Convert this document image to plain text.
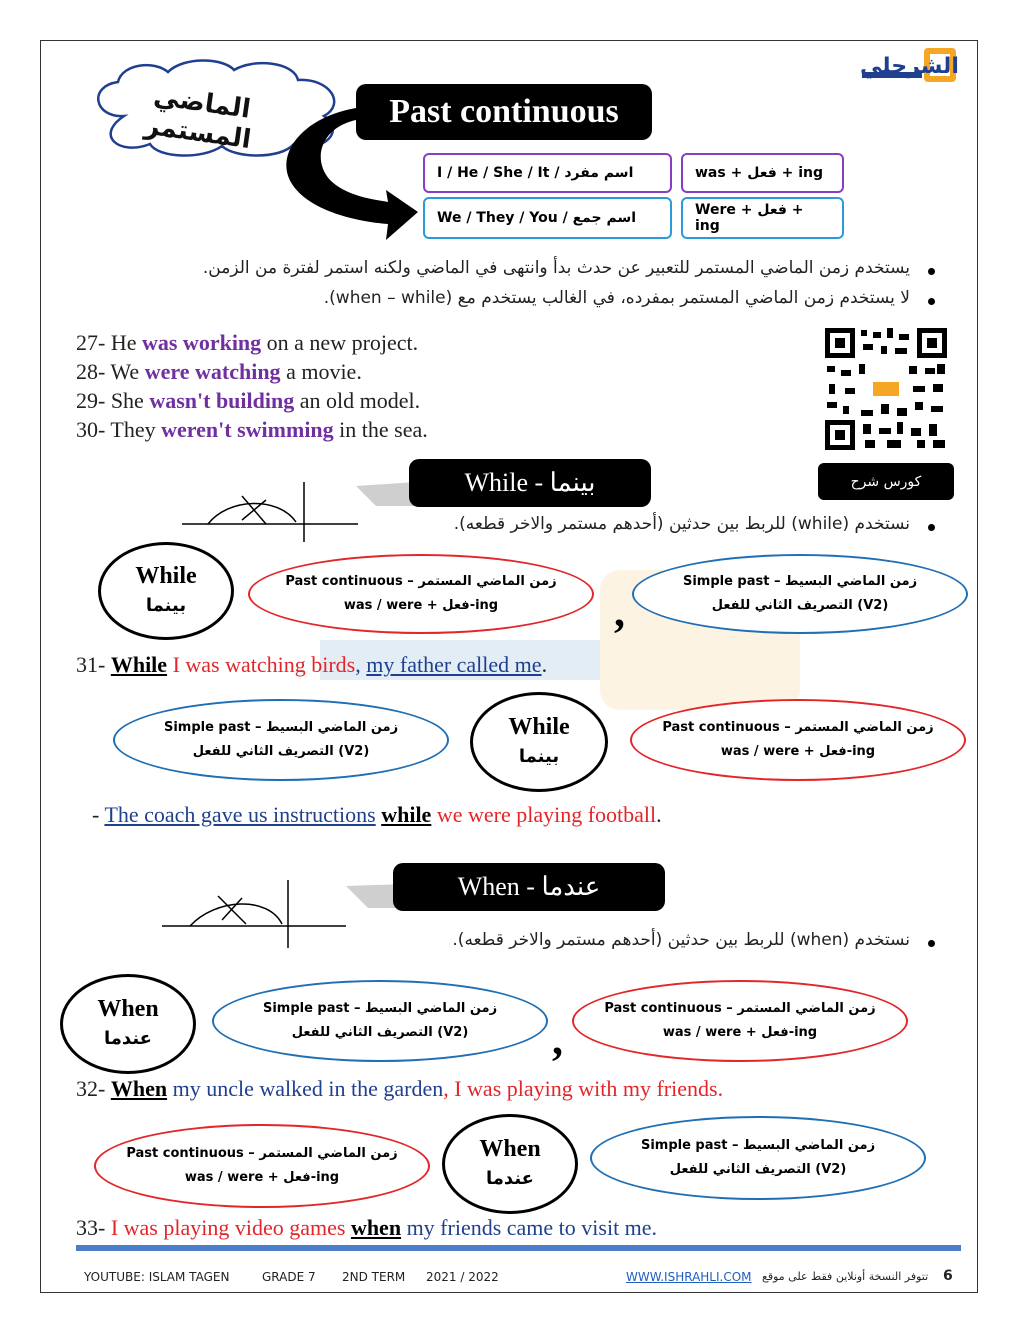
الشرحلي
الماضي المستمر	Past continuous
I / He / She / It / اسم مفرد	was + فعل + ing
We / They / You / اسم جمع	Were + فعل + ing
يستخدم زمن الماضي المستمر للتعبير عن حدث بدأ وانتهى في الماضي ولكنه استمر لفترة من الزمن.
لا يستخدم زمن الماضي المستمر بمفرده، في الغالب يستخدم مع (when – while).
27- He was working on a new project.
28- We were watching a movie.
29- She wasn't building an old model.
30- They weren't swimming in the sea.
كورس شرح
While - بينما
نستخدم (while) للربط بين حدثين (أحدهم مستمر والاخر قطعه).
While
بينما
Past continuous – زمن الماضي المستمر
was / were + فعل-ing	,
Simple past – زمن الماضي البسيط
التصريف الثاني للفعل (V2)
31- While I was watching birds, my father called me.
Simple past – زمن الماضي البسيط
التصريف الثاني للفعل (V2)
While
بينما
Past continuous – زمن الماضي المستمر
was / were + فعل-ing
- The coach gave us instructions while we were playing football.
When - عندما
نستخدم (when) للربط بين حدثين (أحدهم مستمر والاخر قطعه).
When
عندما
Simple past – زمن الماضي البسيط
التصريف الثاني للفعل (V2) ,
Past continuous – زمن الماضي المستمر
was / were + فعل-ing
32- When my uncle walked in the garden, I was playing with my friends.
Past continuous – زمن الماضي المستمر
was / were + فعل-ing
When
عندما
Simple past – زمن الماضي البسيط
التصريف الثاني للفعل (V2)
33- I was playing video games when my friends came to visit me.
YOUTUBE: ISLAM TAGEN	GRADE 7 2ND TERM 2021 / 2022	WWW.ISHRAHLI.COM تتوفر النسخة أونلاين فقط على موقع 6
